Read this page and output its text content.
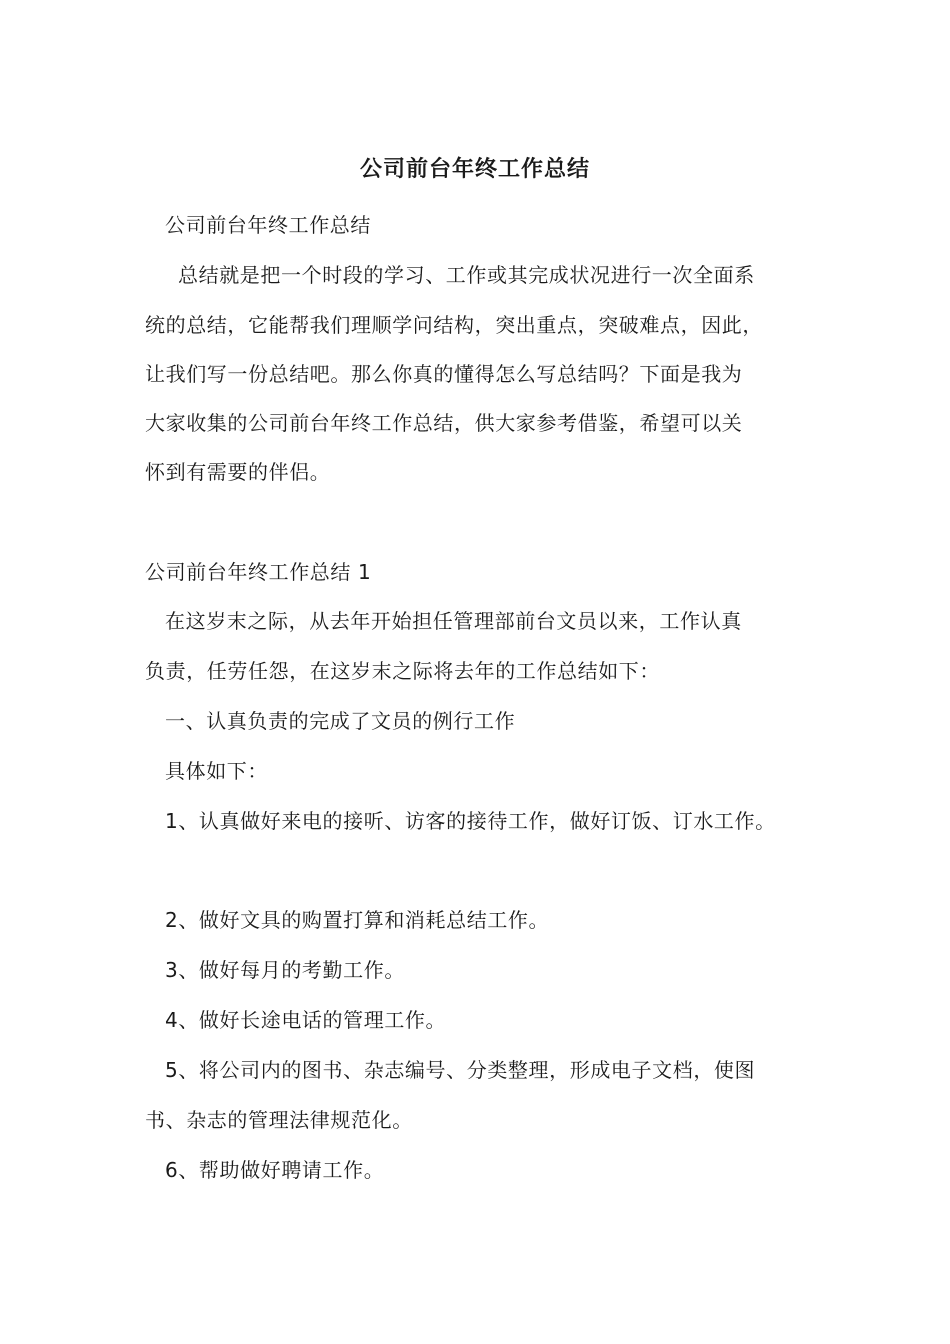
公司前台年终工作总结
公司前台年终工作总结
总结就是把一个时段的学习、工作或其完成状况进行一次全面系
统的总结，它能帮我们理顺学问结构，突出重点，突破难点，因此，
让我们写一份总结吧。那么你真的懂得怎么写总结吗？下面是我为
大家收集的公司前台年终工作总结，供大家参考借鉴，希望可以关
怀到有需要的伴侣。
公司前台年终工作总结 1
在这岁末之际，从去年开始担任管理部前台文员以来，工作认真
负责，任劳任怨，在这岁末之际将去年的工作总结如下：
一、认真负责的完成了文员的例行工作
具体如下：
1、认真做好来电的接听、访客的接待工作，做好订饭、订水工作。
2、做好文具的购置打算和消耗总结工作。
3、做好每月的考勤工作。
4、做好长途电话的管理工作。
5、将公司内的图书、杂志编号、分类整理，形成电子文档，使图
书、杂志的管理法律规范化。
6、帮助做好聘请工作。
